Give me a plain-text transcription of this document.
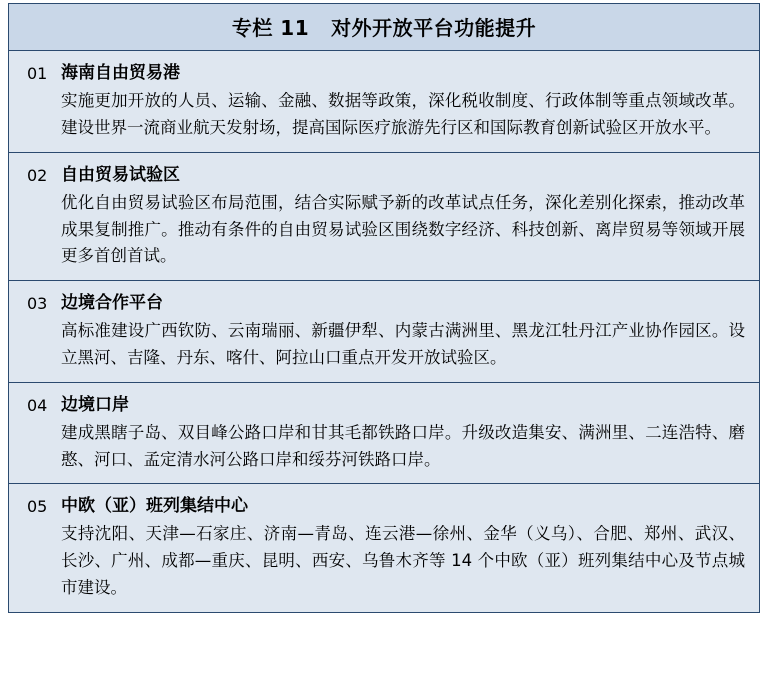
专栏 11 对外开放平台功能提升
01 海南自由贸易港
实施更加开放的人员、运输、金融、数据等政策，深化税收制度、行政体制等重点领域改革。建设世界一流商业航天发射场，提高国际医疗旅游先行区和国际教育创新试验区开放水平。
02 自由贸易试验区
优化自由贸易试验区布局范围，结合实际赋予新的改革试点任务，深化差别化探索，推动改革成果复制推广。推动有条件的自由贸易试验区围绕数字经济、科技创新、离岸贸易等领域开展更多首创首试。
03 边境合作平台
高标准建设广西钦防、云南瑞丽、新疆伊犁、内蒙古满洲里、黑龙江牡丹江产业协作园区。设立黑河、吉隆、丹东、喀什、阿拉山口重点开发开放试验区。
04 边境口岸
建成黑瞎子岛、双目峰公路口岸和甘其毛都铁路口岸。升级改造集安、满洲里、二连浩特、磨憨、河口、孟定清水河公路口岸和绥芬河铁路口岸。
05 中欧（亚）班列集结中心
支持沈阳、天津—石家庄、济南—青岛、连云港—徐州、金华（义乌）、合肥、郑州、武汉、长沙、广州、成都—重庆、昆明、西安、乌鲁木齐等 14 个中欧（亚）班列集结中心及节点城市建设。
